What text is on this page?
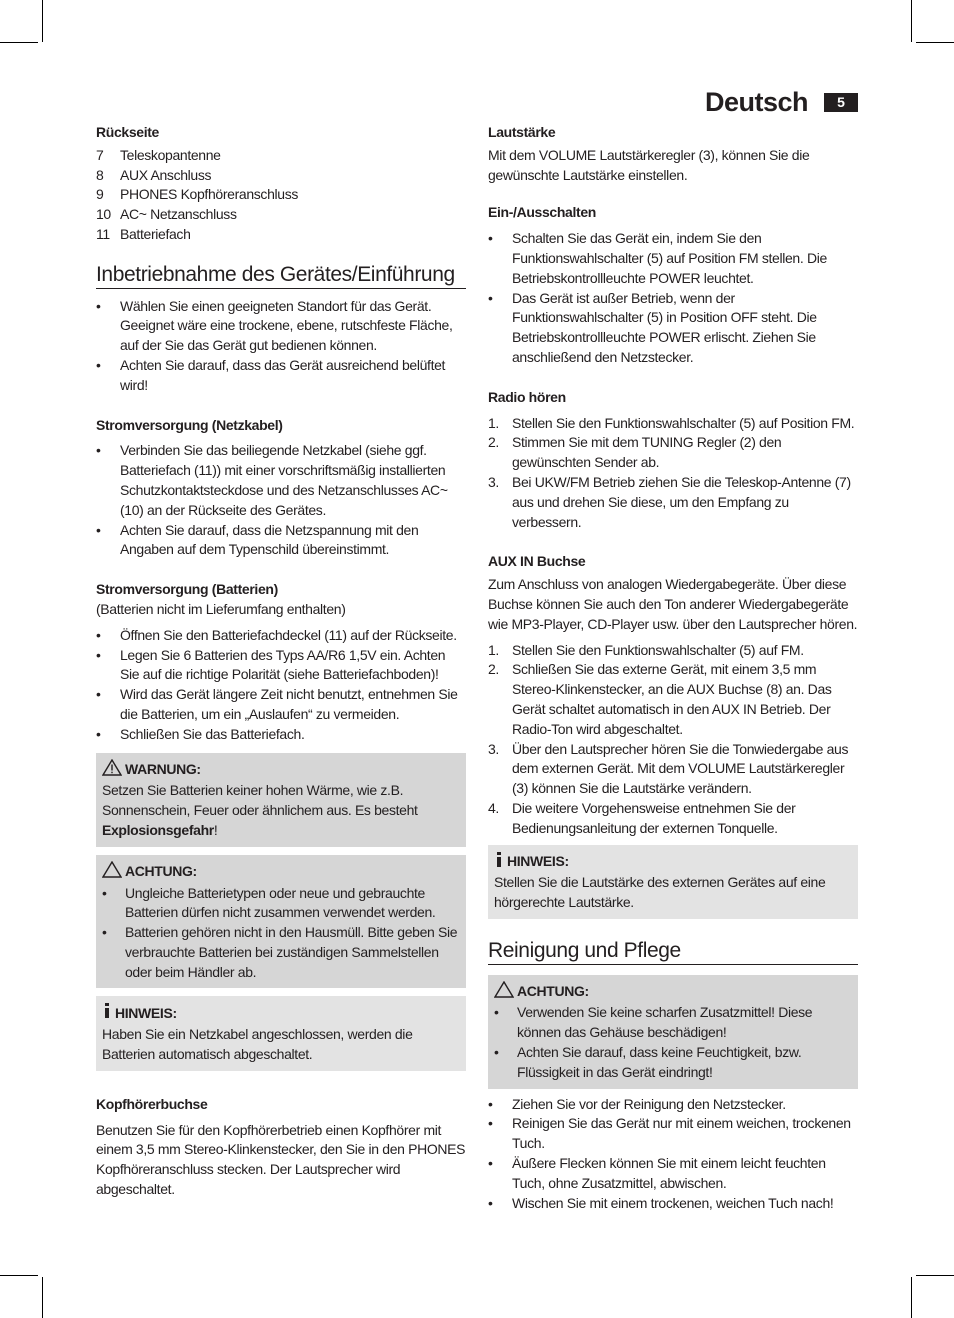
Deutsch	5

Rückseite

7 Teleskopantenne
8 AUX Anschluss
9 PHONES Kopfhöreranschluss
10 AC~ Netzanschluss
11 Batteriefach
Inbetriebnahme des Gerätes/Einführung
• Wählen Sie einen geeigneten Standort für das Gerät. Geeignet wäre eine trockene, ebene, rutschfeste Fläche, auf der Sie das Gerät gut bedienen können.
• Achten Sie darauf, dass das Gerät ausreichend belüftet wird!

Stromversorgung (Netzkabel)

• Verbinden Sie das beiliegende Netzkabel (siehe ggf. Batteriefach (11)) mit einer vorschriftsmäßig installierten Schutzkontaktsteckdose und des Netzanschlusses AC~ (10) an der Rückseite des Gerätes.
• Achten Sie darauf, dass die Netzspannung mit den Angaben auf dem Typenschild übereinstimmt.

Stromversorgung (Batterien)

(Batterien nicht im Lieferumfang enthalten)

• Öffnen Sie den Batteriefachdeckel (11) auf der Rückseite.
• Legen Sie 6 Batterien des Typs AA/R6 1,5V ein. Achten Sie auf die richtige Polarität (siehe Batteriefachboden)!
• Wird das Gerät längere Zeit nicht benutzt, entnehmen Sie die Batterien, um ein „Auslaufen“ zu vermeiden.
• Schließen Sie das Batteriefach.
WARNUNG:

Setzen Sie Batterien keiner hohen Wärme, wie z.B. Sonnenschein, Feuer oder ähnlichem aus. Es besteht Explosionsgefahr!

ACHTUNG:
• Ungleiche Batterietypen oder neue und gebrauchte Batterien dürfen nicht zusammen verwendet werden.
• Batterien gehören nicht in den Hausmüll. Bitte geben Sie verbrauchte Batterien bei zuständigen Sammelstellen oder beim Händler ab.
HINWEIS:

Haben Sie ein Netzkabel angeschlossen, werden die Batterien automatisch abgeschaltet.

Kopfhörerbuchse

Benutzen Sie für den Kopfhörerbetrieb einen Kopfhörer mit einem 3,5 mm Stereo-Klinkenstecker, den Sie in den PHONES Kopfhöreranschluss stecken. Der Lautsprecher wird abgeschaltet.

Lautstärke

Mit dem VOLUME Lautstärkeregler (3), können Sie die gewünschte Lautstärke einstellen.

Ein-/Ausschalten

• Schalten Sie das Gerät ein, indem Sie den Funktionswahlschalter (5) auf Position FM stellen. Die Betriebskontrollleuchte POWER leuchtet.
• Das Gerät ist außer Betrieb, wenn der Funktionswahlschalter (5) in Position OFF steht. Die Betriebskontrollleuchte POWER erlischt. Ziehen Sie anschließend den Netzstecker.

Radio hören

1. Stellen Sie den Funktionswahlschalter (5) auf Position FM.
2. Stimmen Sie mit dem TUNING Regler (2) den gewünschten Sender ab.
3. Bei UKW/FM Betrieb ziehen Sie die Teleskop-Antenne (7) aus und drehen Sie diese, um den Empfang zu verbessern.

AUX IN Buchse

Zum Anschluss von analogen Wiedergabegeräte. Über diese Buchse können Sie auch den Ton anderer Wiedergabegeräte wie MP3-Player, CD-Player usw. über den Lautsprecher hören.

1. Stellen Sie den Funktionswahlschalter (5) auf FM.
2. Schließen Sie das externe Gerät, mit einem 3,5 mm Stereo-Klinkenstecker, an die AUX Buchse (8) an. Das Gerät schaltet automatisch in den AUX IN Betrieb. Der Radio-Ton wird abgeschaltet.
3. Über den Lautsprecher hören Sie die Tonwiedergabe aus dem externen Gerät. Mit dem VOLUME Lautstärkeregler (3) können Sie die Lautstärke verändern.
4. Die weitere Vorgehensweise entnehmen Sie der Bedienungsanleitung der externen Tonquelle.
HINWEIS:

Stellen Sie die Lautstärke des externen Gerätes auf eine hörgerechte Lautstärke.

Reinigung und Pflege
ACHTUNG:
• Verwenden Sie keine scharfen Zusatzmittel! Diese können das Gehäuse beschädigen!
• Achten Sie darauf, dass keine Feuchtigkeit, bzw. Flüssigkeit in das Gerät eindringt!
• Ziehen Sie vor der Reinigung den Netzstecker.
• Reinigen Sie das Gerät nur mit einem weichen, trockenen Tuch.
• Äußere Flecken können Sie mit einem leicht feuchten Tuch, ohne Zusatzmittel, abwischen.
• Wischen Sie mit einem trockenen, weichen Tuch nach!
